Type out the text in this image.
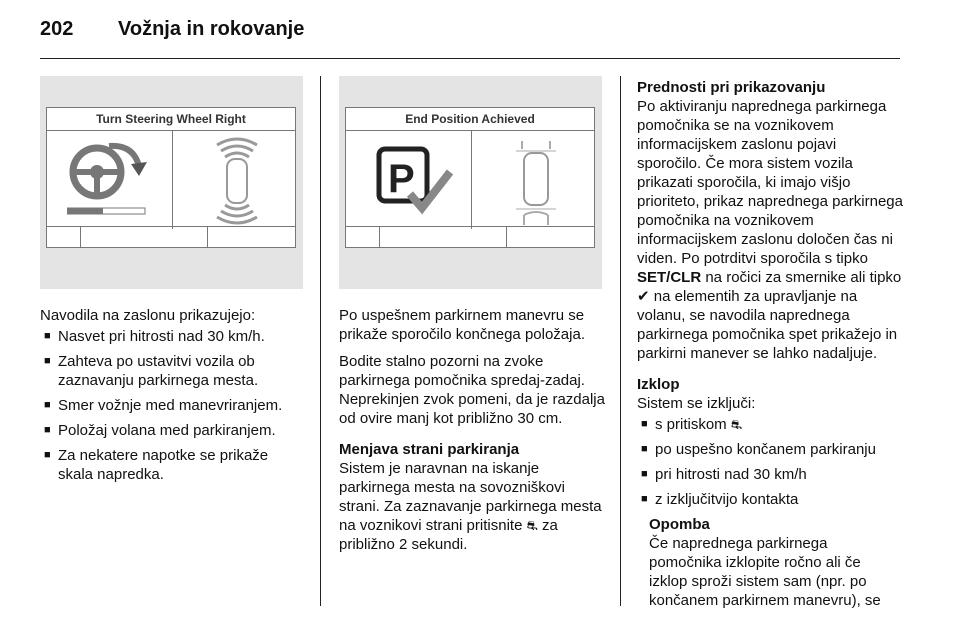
202 Vožnja in rokovanje
Turn Steering Wheel Right	End Position Achieved
P

Navodila na zaslonu prikazujejo:

■ Nasvet pri hitrosti nad 30 km/h.
■ Zahteva po ustavitvi vozila ob zaznavanju parkirnega mesta.
■ Smer vožnje med manevriranjem.
■ Položaj volana med parkiranjem.
■ Za nekatere napotke se prikaže skala napredka.

Po uspešnem parkirnem manevru se prikaže sporočilo končnega položaja.

Bodite stalno pozorni na zvoke parkirnega pomočnika spredaj-zadaj. Neprekinjen zvok pomeni, da je razdalja od ovire manj kot približno 30 cm.

Menjava strani parkiranja

Sistem je naravnan na iskanje parkirnega mesta na sovozniškovi strani. Za zaznavanje parkirnega mesta na voznikovi strani pritisnite ⛐ za približno 2 sekundi.

Prednosti pri prikazovanju

Po aktiviranju naprednega parkirnega pomočnika se na voznikovem informacijskem zaslonu pojavi sporočilo. Če mora sistem vozila prikazati sporočila, ki imajo višjo prioriteto, prikaz naprednega parkirnega pomočnika na voznikovem informacijskem zaslonu določen čas ni viden. Po potrditvi sporočila s tipko SET/CLR na ročici za smernike ali tipko ✔ na elementih za upravljanje na volanu, se navodila naprednega parkirnega pomočnika spet prikažejo in parkirni manever se lahko nadaljuje.

Izklop

Sistem se izključi:

■ s pritiskom ⛐
■ po uspešno končanem parkiranju
■ pri hitrosti nad 30 km/h
■ z izključitvijo kontakta

Opomba

Če naprednega parkirnega pomočnika izklopite ročno ali če izklop sproži sistem sam (npr. po končanem parkirnem manevru), se
